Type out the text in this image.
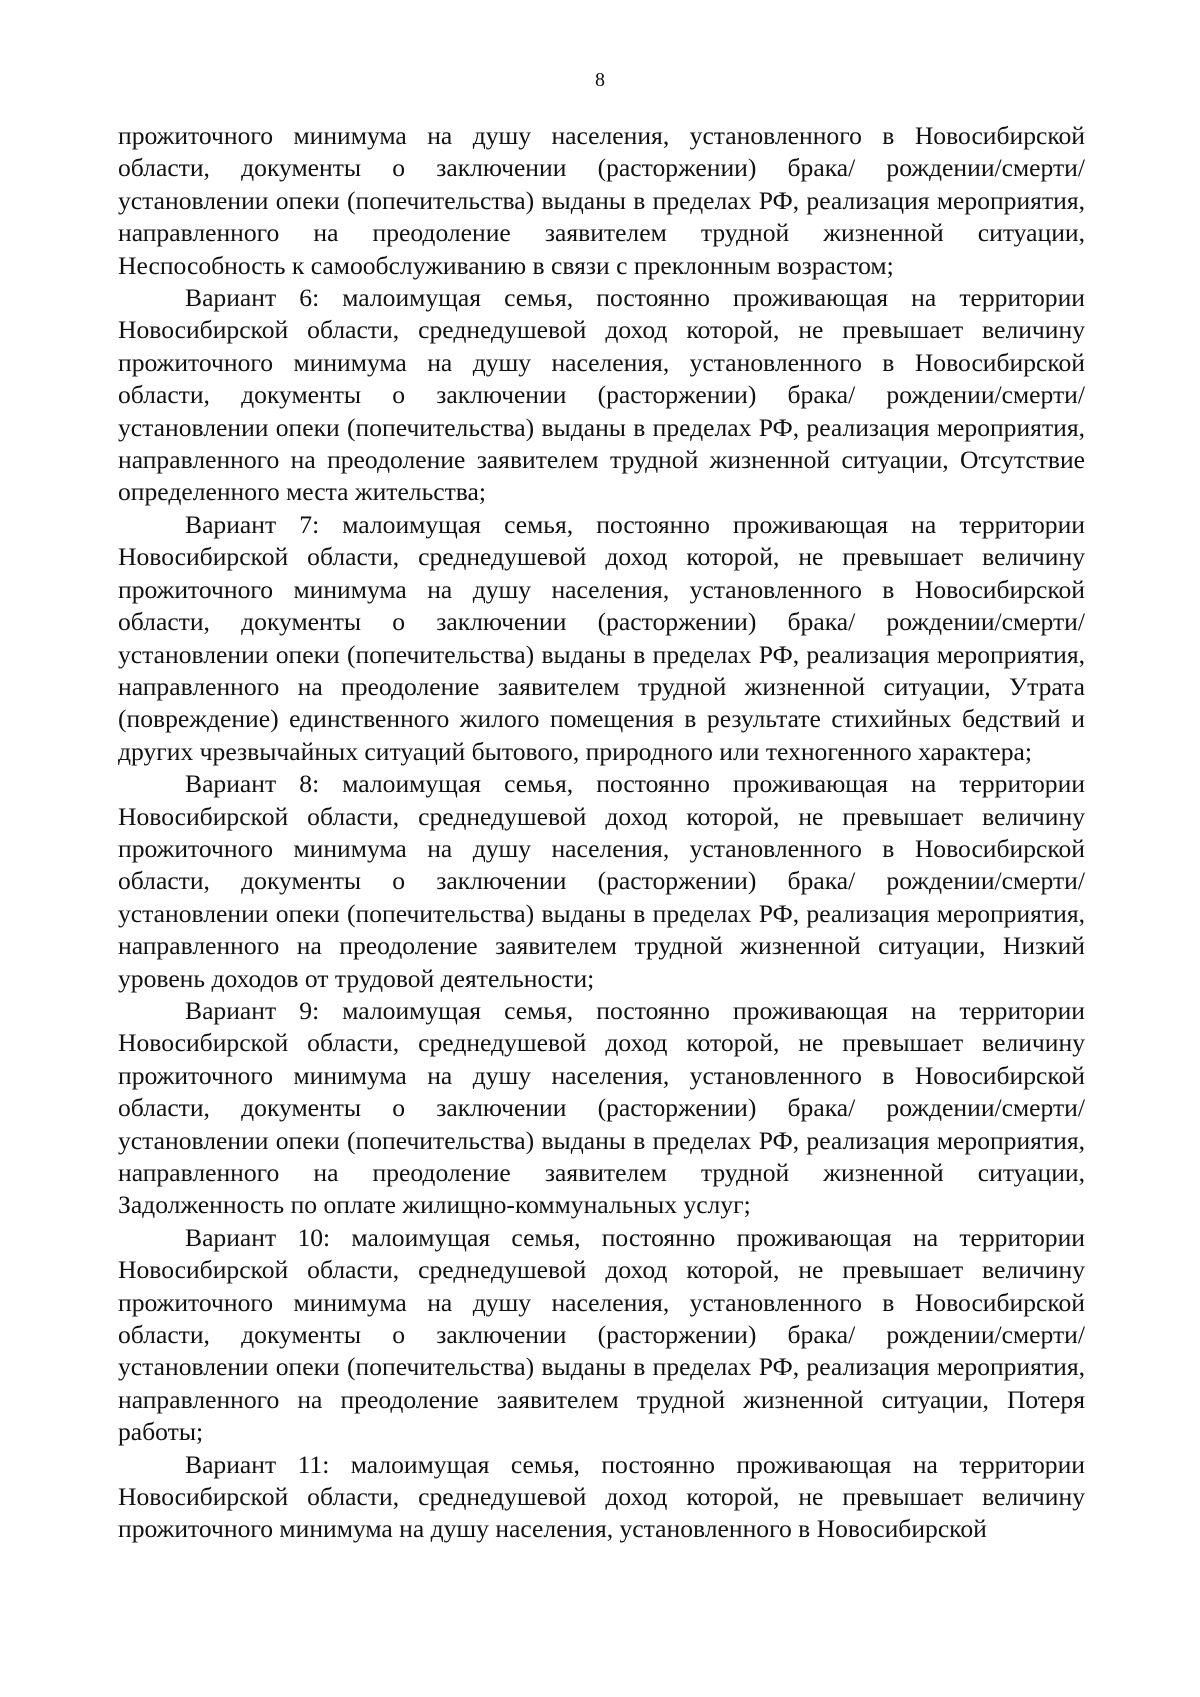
8

прожиточного минимума на душу населения, установленного в Новосибирской области, документы о заключении (расторжении) брака/ рождении/смерти/ установлении опеки (попечительства) выданы в пределах РФ, реализация мероприятия, направленного на преодоление заявителем трудной жизненной ситуации, Неспособность к самообслуживанию в связи с преклонным возрастом;

Вариант 6: малоимущая семья, постоянно проживающая на территории Новосибирской области, среднедушевой доход которой, не превышает величину прожиточного минимума на душу населения, установленного в Новосибирской области, документы о заключении (расторжении) брака/ рождении/смерти/ установлении опеки (попечительства) выданы в пределах РФ, реализация мероприятия, направленного на преодоление заявителем трудной жизненной ситуации, Отсутствие определенного места жительства;

Вариант 7: малоимущая семья, постоянно проживающая на территории Новосибирской области, среднедушевой доход которой, не превышает величину прожиточного минимума на душу населения, установленного в Новосибирской области, документы о заключении (расторжении) брака/ рождении/смерти/ установлении опеки (попечительства) выданы в пределах РФ, реализация мероприятия, направленного на преодоление заявителем трудной жизненной ситуации, Утрата (повреждение) единственного жилого помещения в результате стихийных бедствий и других чрезвычайных ситуаций бытового, природного или техногенного характера;

Вариант 8: малоимущая семья, постоянно проживающая на территории Новосибирской области, среднедушевой доход которой, не превышает величину прожиточного минимума на душу населения, установленного в Новосибирской области, документы о заключении (расторжении) брака/ рождении/смерти/ установлении опеки (попечительства) выданы в пределах РФ, реализация мероприятия, направленного на преодоление заявителем трудной жизненной ситуации, Низкий уровень доходов от трудовой деятельности;

Вариант 9: малоимущая семья, постоянно проживающая на территории Новосибирской области, среднедушевой доход которой, не превышает величину прожиточного минимума на душу населения, установленного в Новосибирской области, документы о заключении (расторжении) брака/ рождении/смерти/ установлении опеки (попечительства) выданы в пределах РФ, реализация мероприятия, направленного на преодоление заявителем трудной жизненной ситуации, Задолженность по оплате жилищно-коммунальных услуг;

Вариант 10: малоимущая семья, постоянно проживающая на территории Новосибирской области, среднедушевой доход которой, не превышает величину прожиточного минимума на душу населения, установленного в Новосибирской области, документы о заключении (расторжении) брака/ рождении/смерти/ установлении опеки (попечительства) выданы в пределах РФ, реализация мероприятия, направленного на преодоление заявителем трудной жизненной ситуации, Потеря работы;

Вариант 11: малоимущая семья, постоянно проживающая на территории Новосибирской области, среднедушевой доход которой, не превышает величину прожиточного минимума на душу населения, установленного в Новосибирской
